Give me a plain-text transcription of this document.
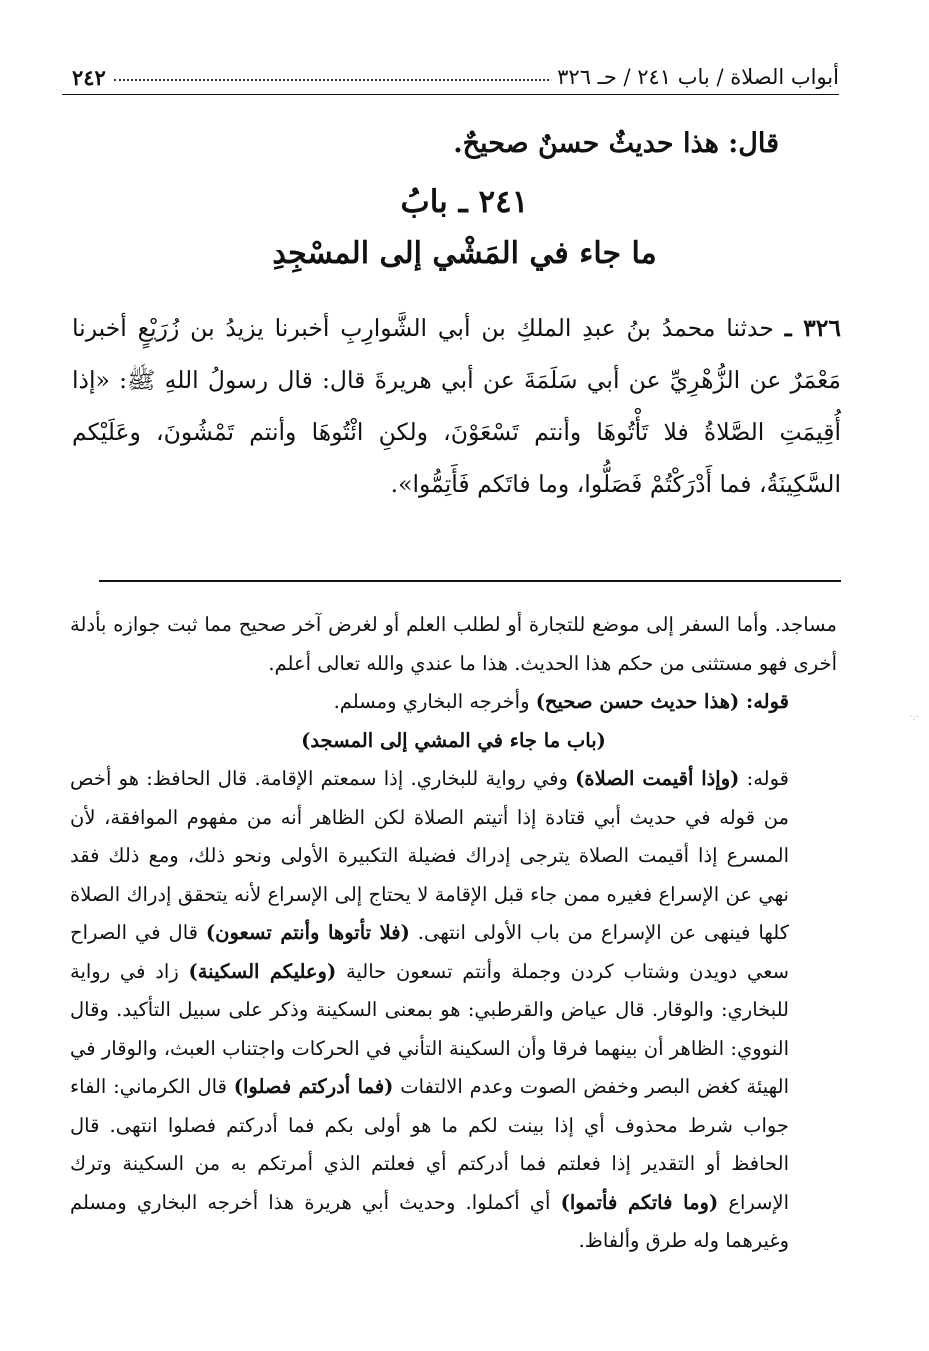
أبواب الصلاة / باب ٢٤١ / حـ ٣٢٦
٢٤٢
قال: هذا حديثٌ حسنٌ صحيحٌ.
٢٤١ ـ بابُ
ما جاء في المَشْي إلى المسْجِدِ
٣٢٦ ـ حدثنا محمدُ بنُ عبدِ الملكِ بن أبي الشَّوارِبِ أخبرنا يزيدُ بن زُرَيْعٍ أخبرنا مَعْمَرٌ عن الزُّهْرِيِّ عن أبي سَلَمَةَ عن أبي هريرةَ قال: قال رسولُ اللهِ ﷺ: «إذا أُقِيمَتِ الصَّلاةُ فلا تَأْتُوهَا وأنتم تَسْعَوْنَ، ولكنِ ائْتُوهَا وأنتم تَمْشُونَ، وعَلَيْكم السَّكِينَةُ، فما أَدْرَكْتُمْ فَصَلُّوا، وما فاتَكم فَأَتِمُّوا».

مساجد. وأما السفر إلى موضع للتجارة أو لطلب العلم أو لغرض آخر صحيح مما ثبت جوازه بأدلة أخرى فهو مستثنى من حكم هذا الحديث. هذا ما عندي والله تعالى أعلم.

قوله: (هذا حديث حسن صحيح) وأخرجه البخاري ومسلم.

(باب ما جاء في المشي إلى المسجد)

قوله: (وإذا أقيمت الصلاة) وفي رواية للبخاري. إذا سمعتم الإقامة. قال الحافظ: هو أخص من قوله في حديث أبي قتادة إذا أتيتم الصلاة لكن الظاهر أنه من مفهوم الموافقة، لأن المسرع إذا أقيمت الصلاة يترجى إدراك فضيلة التكبيرة الأولى ونحو ذلك، ومع ذلك فقد نهي عن الإسراع فغيره ممن جاء قبل الإقامة لا يحتاج إلى الإسراع لأنه يتحقق إدراك الصلاة كلها فينهى عن الإسراع من باب الأولى انتهى. (فلا تأتوها وأنتم تسعون) قال في الصراح سعي دويدن وشتاب كردن وجملة وأنتم تسعون حالية (وعليكم السكينة) زاد في رواية للبخاري: والوقار. قال عياض والقرطبي: هو بمعنى السكينة وذكر على سبيل التأكيد. وقال النووي: الظاهر أن بينهما فرقا وأن السكينة التأني في الحركات واجتناب العبث، والوقار في الهيئة كغض البصر وخفض الصوت وعدم الالتفات (فما أدركتم فصلوا) قال الكرماني: الفاء جواب شرط محذوف أي إذا بينت لكم ما هو أولى بكم فما أدركتم فصلوا انتهى. قال الحافظ أو التقدير إذا فعلتم فما أدركتم أي فعلتم الذي أمرتكم به من السكينة وترك الإسراع (وما فاتكم فأتموا) أي أكملوا. وحديث أبي هريرة هذا أخرجه البخاري ومسلم وغيرهما وله طرق وألفاظ.

·:·
